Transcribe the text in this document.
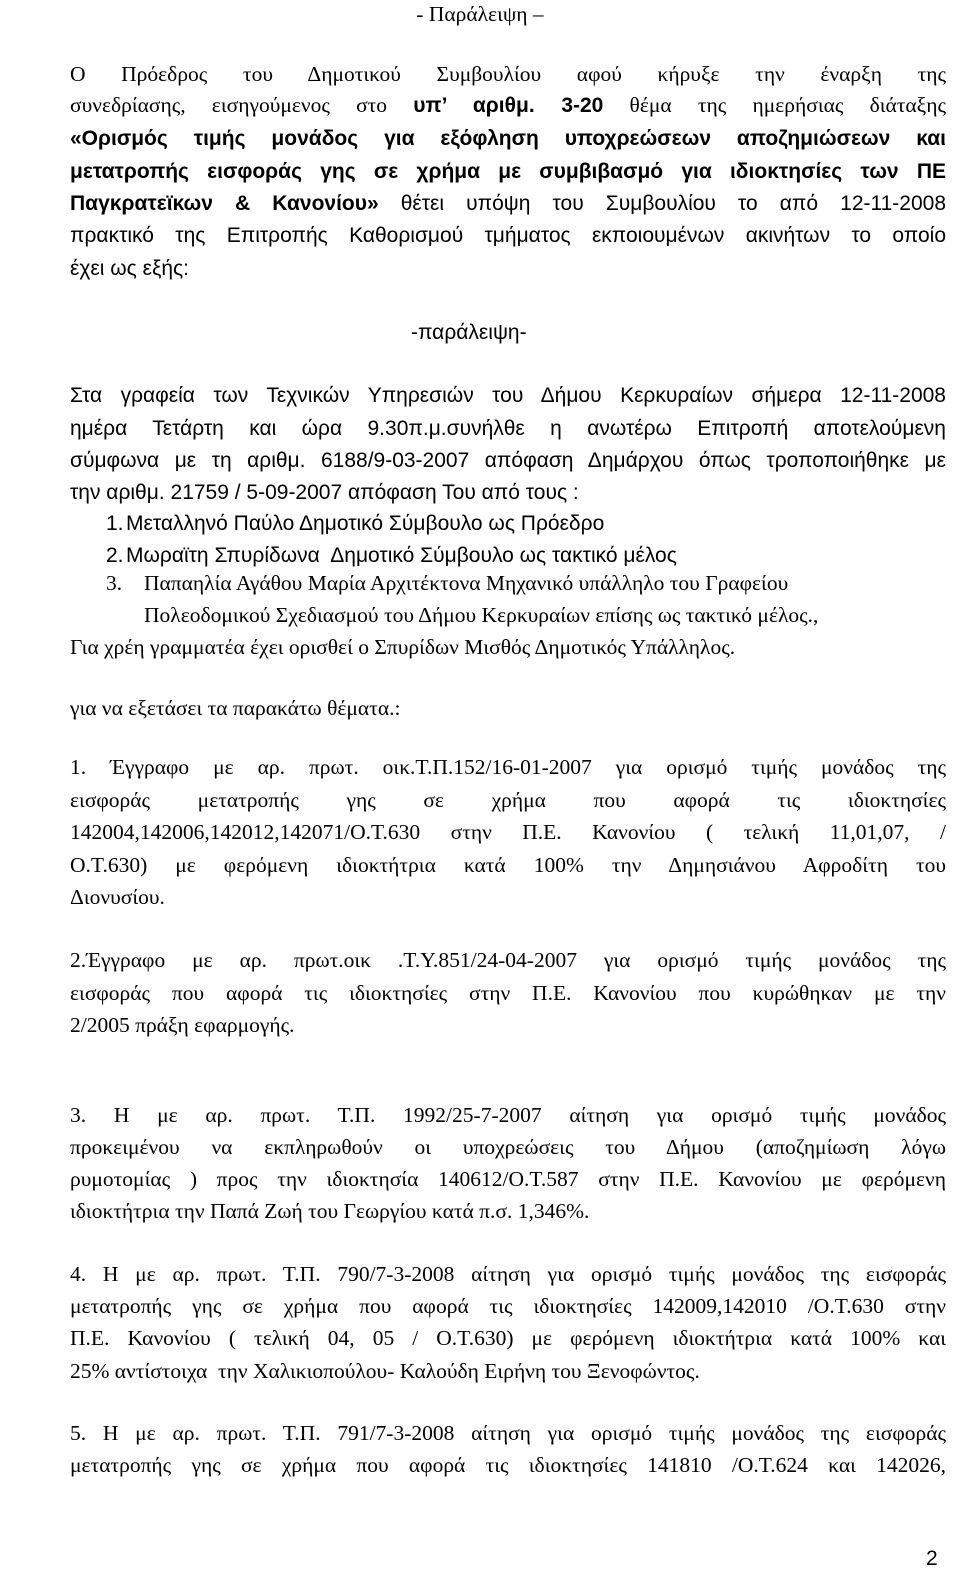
- Παράλειψη –
Ο Πρόεδρος του Δημοτικού Συμβουλίου αφού κήρυξε την έναρξη της
συνεδρίασης, εισηγούμενος στο υπ’ αριθμ. 3-20 θέμα της ημερήσιας διάταξης
«Ορισμός τιμής μονάδος για εξόφληση υποχρεώσεων αποζημιώσεων και
μετατροπής εισφοράς γης σε χρήμα με συμβιβασμό για ιδιοκτησίες των ΠΕ
Παγκρατεϊκων & Κανονίου» θέτει υπόψη του Συμβουλίου το από 12-11-2008
πρακτικό της Επιτροπής Καθορισμού τμήματος εκποιουμένων ακινήτων το οποίο
έχει ως εξής:
-παράλειψη-
Στα γραφεία των Τεχνικών Υπηρεσιών του Δήμου Κερκυραίων σήμερα 12-11-2008
ημέρα Τετάρτη και ώρα 9.30π.μ.συνήλθε η ανωτέρω Επιτροπή αποτελούμενη
σύμφωνα με τη αριθμ. 6188/9-03-2007 απόφαση Δημάρχου όπως τροποποιήθηκε με
την αριθμ. 21759 / 5-09-2007 απόφαση Του από τους :
1. Μεταλληνό Παύλο Δημοτικό Σύμβουλο ως Πρόεδρο
2. Μωραϊτη Σπυρίδωνα  Δημοτικό Σύμβουλο ως τακτικό μέλος
3. Παπαηλία Αγάθου Μαρία Αρχιτέκτονα Μηχανικό υπάλληλο του Γραφείου
Πολεοδομικού Σχεδιασμού του Δήμου Κερκυραίων επίσης ως τακτικό μέλος.,
Για χρέη γραμματέα έχει ορισθεί ο Σπυρίδων Μισθός Δημοτικός Υπάλληλος.
για να εξετάσει τα παρακάτω θέματα.:
1. Έγγραφο με αρ. πρωτ. οικ.Τ.Π.152/16-01-2007 για ορισμό τιμής μονάδος της
εισφοράς μετατροπής γης σε χρήμα που αφορά τις ιδιοκτησίες
142004,142006,142012,142071/Ο.Τ.630 στην Π.Ε. Κανονίου ( τελική 11,01,07, /
Ο.Τ.630) με φερόμενη ιδιοκτήτρια κατά 100% την Δημησιάνου Αφροδίτη του
Διονυσίου.
2.Έγγραφο με αρ. πρωτ.οικ .Τ.Υ.851/24-04-2007 για ορισμό τιμής μονάδος της
εισφοράς που αφορά τις ιδιοκτησίες στην Π.Ε. Κανονίου που κυρώθηκαν με την
2/2005 πράξη εφαρμογής.
3. Η με αρ. πρωτ. Τ.Π. 1992/25-7-2007 αίτηση για ορισμό τιμής μονάδος
προκειμένου να εκπληρωθούν οι υποχρεώσεις του Δήμου (αποζημίωση λόγω
ρυμοτομίας ) προς την ιδιοκτησία 140612/Ο.Τ.587 στην Π.Ε. Κανονίου με φερόμενη
ιδιοκτήτρια την Παπά Ζωή του Γεωργίου κατά π.σ. 1,346%.
4. Η με αρ. πρωτ. Τ.Π. 790/7-3-2008 αίτηση για ορισμό τιμής μονάδος της εισφοράς
μετατροπής γης σε χρήμα που αφορά τις ιδιοκτησίες 142009,142010 /Ο.Τ.630 στην
Π.Ε. Κανονίου ( τελική 04, 05 / Ο.Τ.630) με φερόμενη ιδιοκτήτρια κατά 100% και
25% αντίστοιχα  την Χαλικιοπούλου- Καλούδη Ειρήνη του Ξενοφώντος.
5. Η με αρ. πρωτ. Τ.Π. 791/7-3-2008 αίτηση για ορισμό τιμής μονάδος της εισφοράς
μετατροπής γης σε χρήμα που αφορά τις ιδιοκτησίες 141810 /Ο.Τ.624 και 142026,
2
